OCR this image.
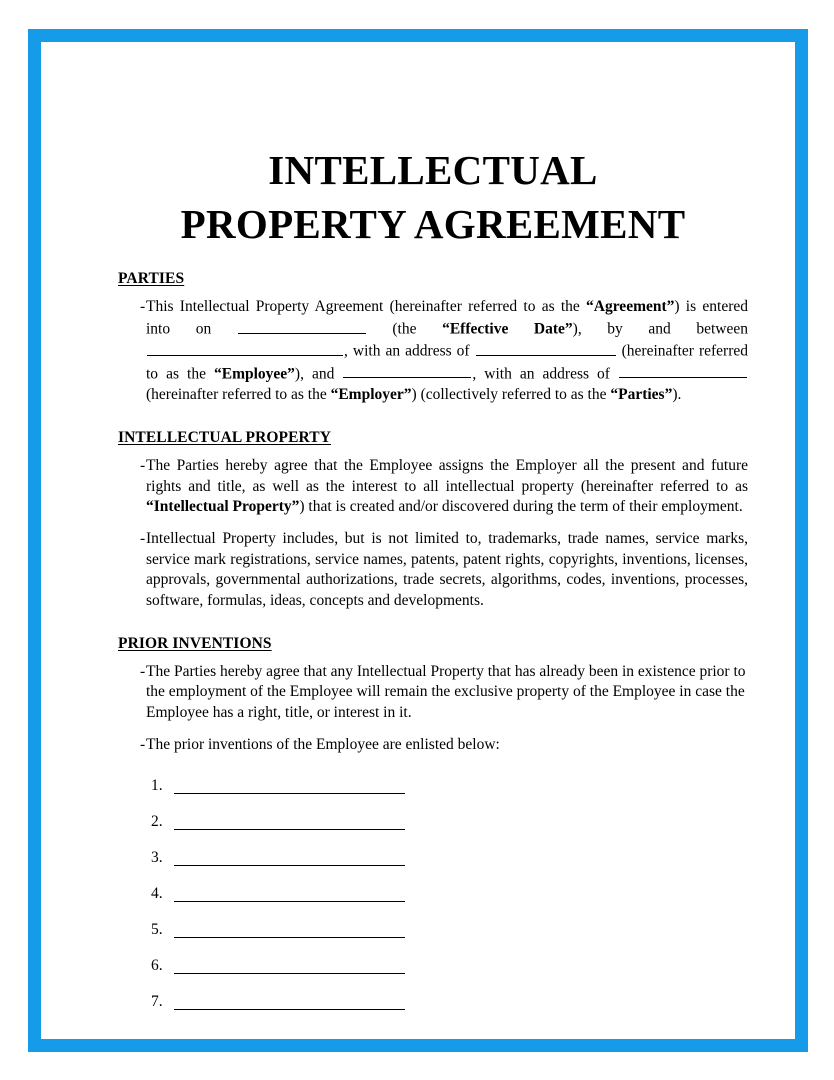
INTELLECTUAL
PROPERTY AGREEMENT
PARTIES
- This Intellectual Property Agreement (hereinafter referred to as the “Agreement”) is entered into on	(the “Effective Date”), by and between , with an address of	(hereinafter referred to as the “Employee”), and	, with an address of  (hereinafter referred to as the “Employer”) (collectively referred to as the “Parties”).
INTELLECTUAL PROPERTY
- The Parties hereby agree that the Employee assigns the Employer all the present and future rights and title, as well as the interest to all intellectual property (hereinafter referred to as “Intellectual Property”) that is created and/or discovered during the term of their employment.
- Intellectual Property includes, but is not limited to, trademarks, trade names, service marks, service mark registrations, service names, patents, patent rights, copyrights, inventions, licenses, approvals, governmental authorizations, trade secrets, algorithms, codes, inventions, processes, software, formulas, ideas, concepts and developments.
PRIOR INVENTIONS
- The Parties hereby agree that any Intellectual Property that has already been in existence prior to the employment of the Employee will remain the exclusive property of the Employee in case the Employee has a right, title, or interest in it.
- The prior inventions of the Employee are enlisted below:
1.
2.
3.
4.
5.
6.
7.
